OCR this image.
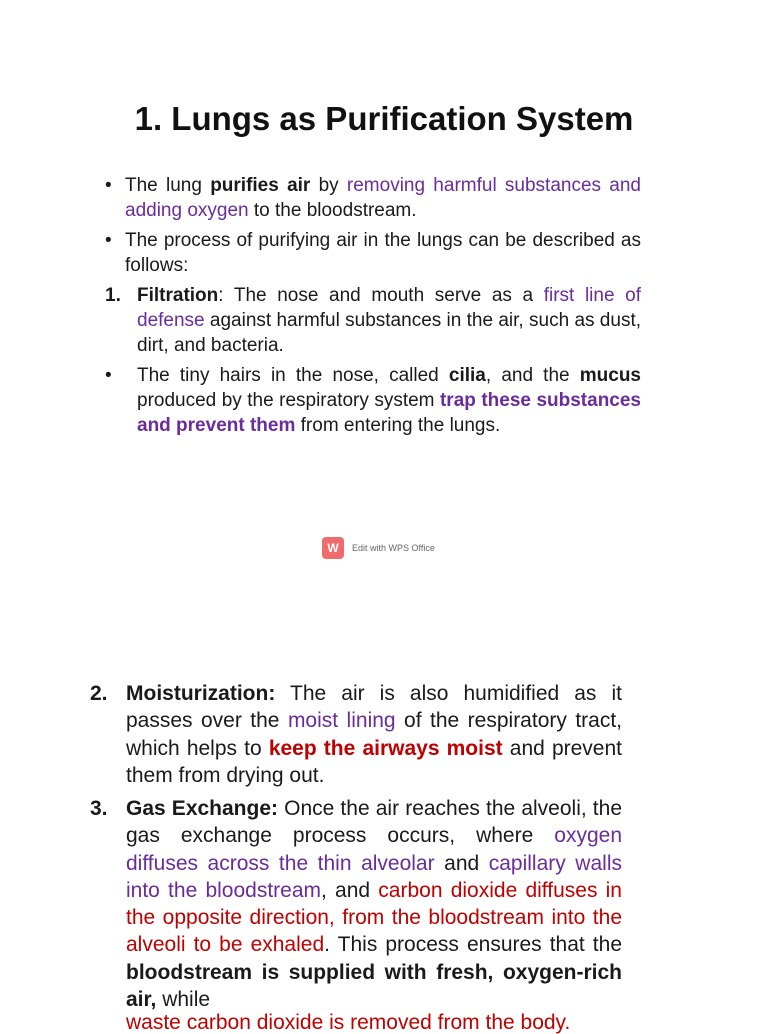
1. Lungs as Purification System
• The lung purifies air by removing harmful substances and adding oxygen to the bloodstream.
• The process of purifying air in the lungs can be described as follows:
1. Filtration: The nose and mouth serve as a first line of defense against harmful substances in the air, such as dust, dirt, and bacteria.
• The tiny hairs in the nose, called cilia, and the mucus produced by the respiratory system trap these substances and prevent them from entering the lungs.
W	Edit with WPS Office
2. Moisturization: The air is also humidified as it passes over the moist lining of the respiratory tract, which helps to keep the airways moist and prevent them from drying out.
3. Gas Exchange: Once the air reaches the alveoli, the gas exchange process occurs, where oxygen diffuses across the thin alveolar and capillary walls into the bloodstream, and carbon dioxide diffuses in the opposite direction, from the bloodstream into the alveoli to be exhaled. This process ensures that the bloodstream is supplied with fresh, oxygen-rich air, while
waste carbon dioxide is removed from the body.
